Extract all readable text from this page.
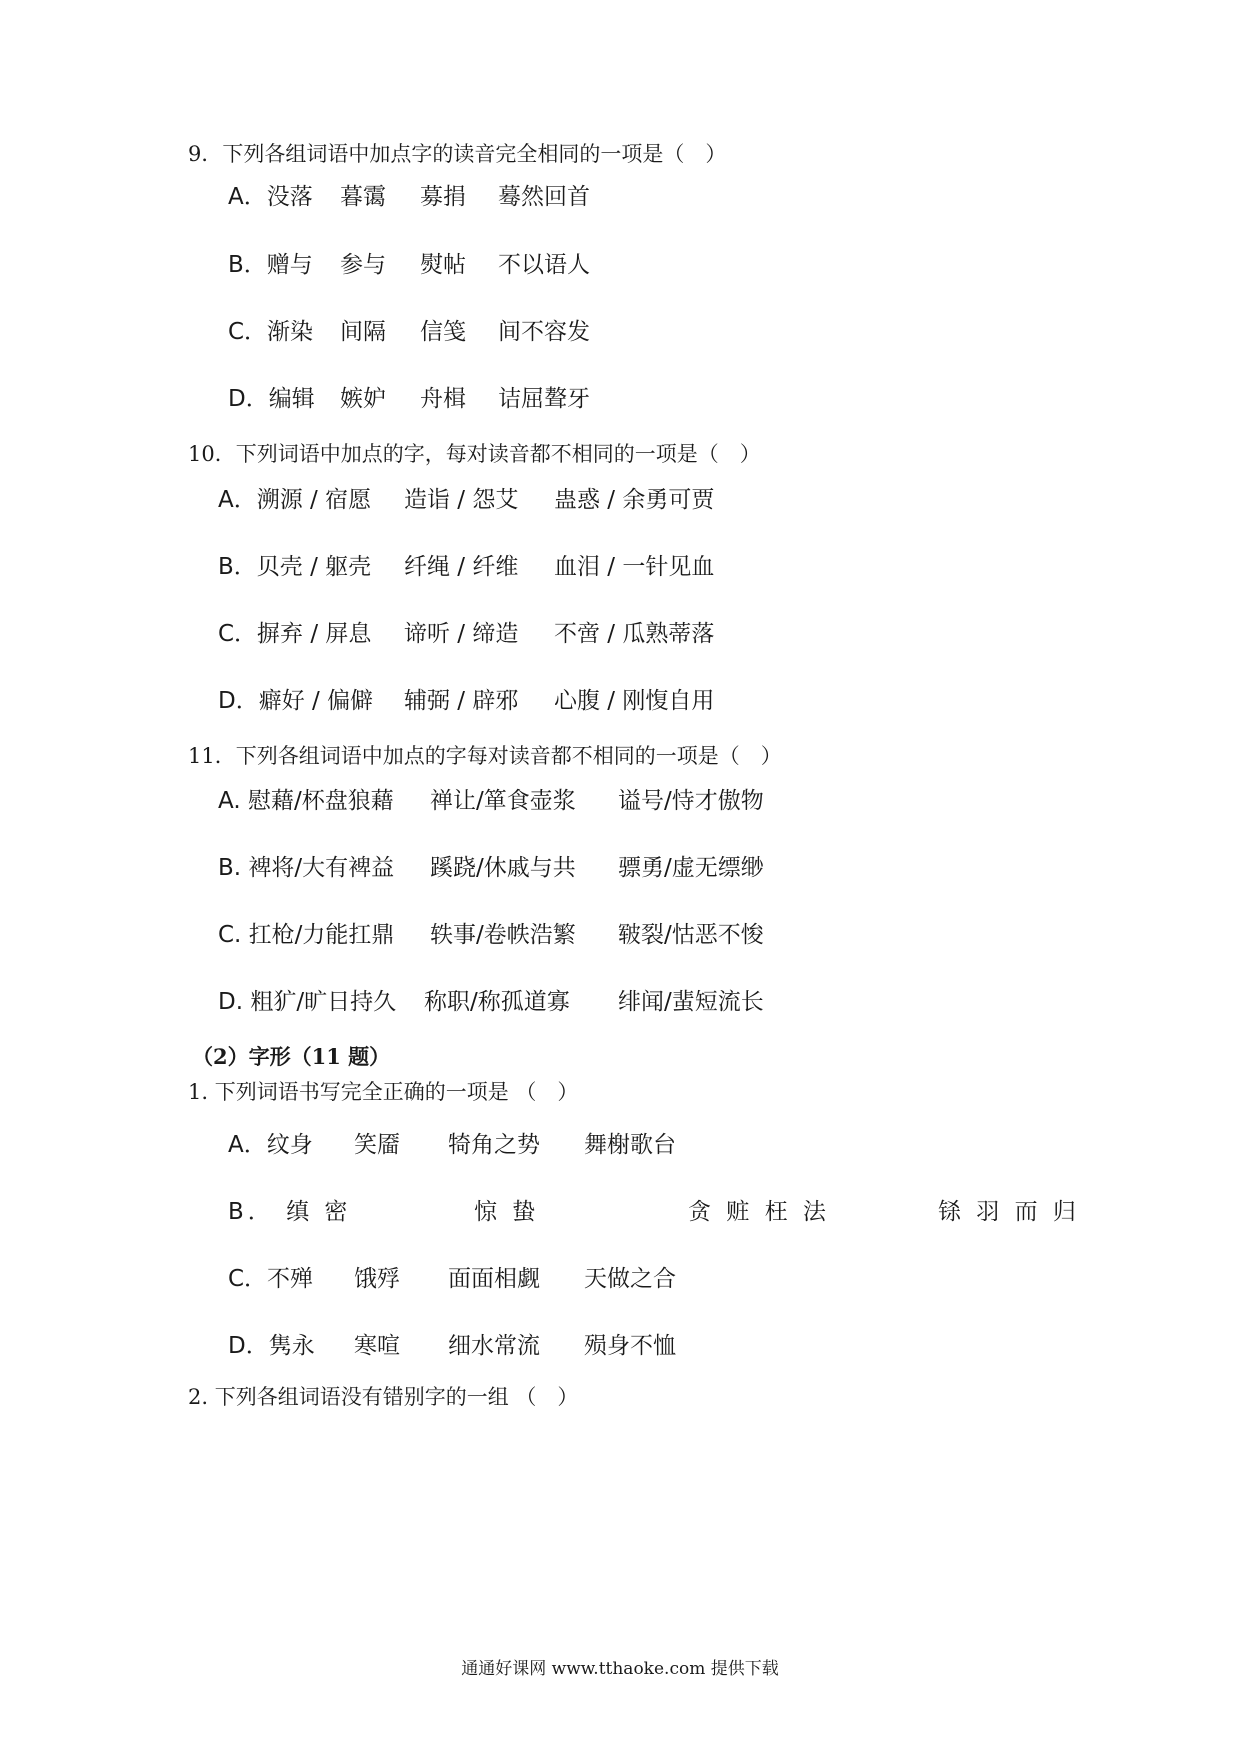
9．下列各组词语中加点字的读音完全相同的一项是（　）
A．没落 暮霭 募捐 蓦然回首
B．赠与 参与 熨帖 不以语人
C．渐染 间隔 信笺 间不容发
D．编辑 嫉妒 舟楫 诘屈聱牙
10．下列词语中加点的字，每对读音都不相同的一项是（　）
A．溯源 / 宿愿 造诣 / 怨艾 蛊惑 / 余勇可贾
B．贝壳 / 躯壳 纤绳 / 纤维 血泪 / 一针见血
C．摒弃 / 屏息 谛听 / 缔造 不啻 / 瓜熟蒂落
D．癖好 / 偏僻 辅弼 / 辟邪 心腹 / 刚愎自用
11．下列各组词语中加点的字每对读音都不相同的一项是（　）
A. 慰藉/杯盘狼藉 禅让/箪食壶浆 谥号/恃才傲物
B. 裨将/大有裨益 蹊跷/休戚与共 骠勇/虚无缥缈
C. 扛枪/力能扛鼎 轶事/卷帙浩繁 皲裂/怙恶不悛
D. 粗犷/旷日持久 称职/称孤道寡 绯闻/蜚短流长
（2）字形（11 题）
1. 下列词语书写完全正确的一项是 （　）
A．纹身 笑靥 犄角之势 舞榭歌台
B． 缜 密	惊 蛰	贪 赃 枉 法	铩 羽 而 归
C．不殚 饿殍 面面相觑 天做之合
D．隽永 寒喧 细水常流 殒身不恤
2. 下列各组词语没有错别字的一组 （　）
通通好课网 www.tthaoke.com 提供下载
